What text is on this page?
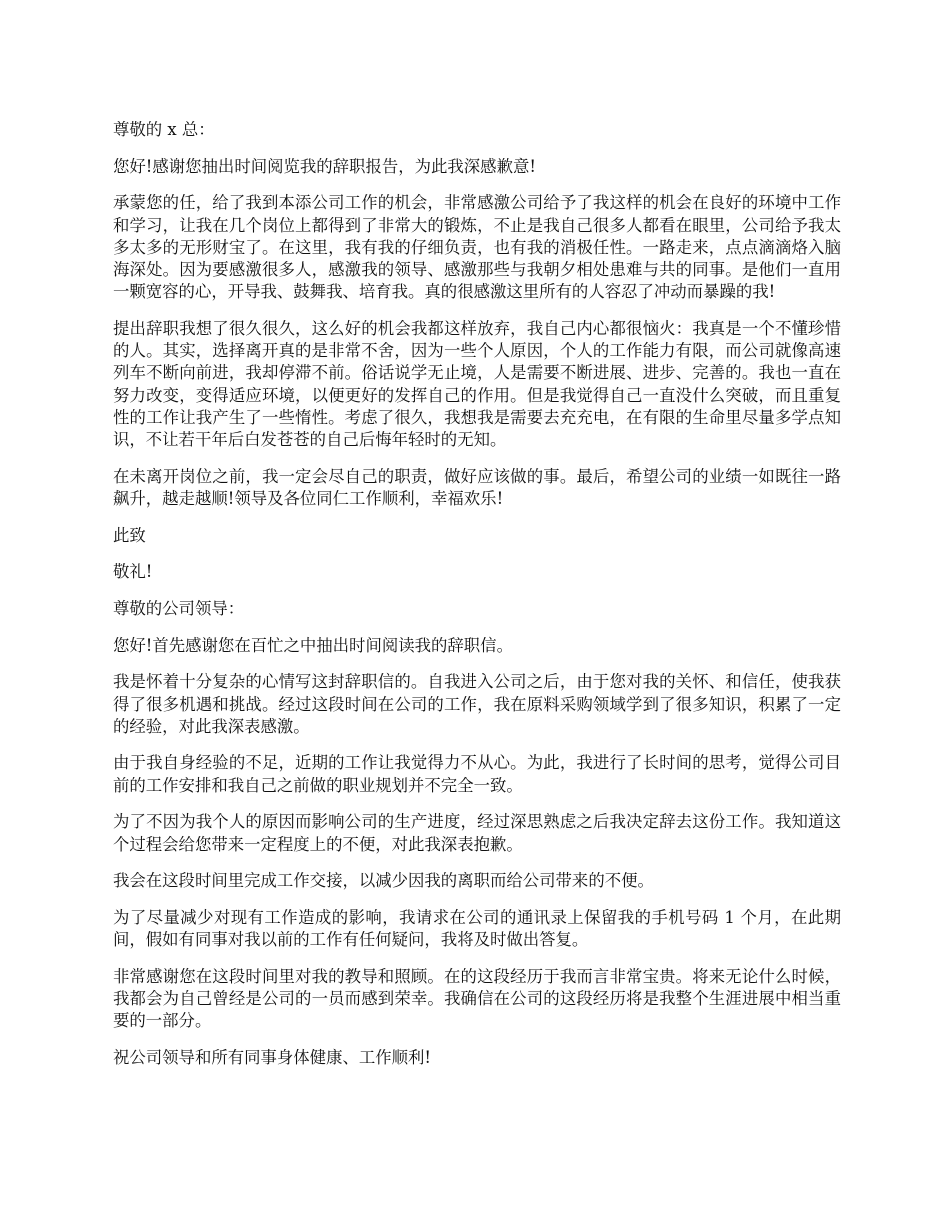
尊敬的 x 总：

您好!感谢您抽出时间阅览我的辞职报告，为此我深感歉意!

承蒙您的任，给了我到本添公司工作的机会，非常感激公司给予了我这样的机会在良好的环境中工作和学习，让我在几个岗位上都得到了非常大的锻炼，不止是我自己很多人都看在眼里，公司给予我太多太多的无形财宝了。在这里，我有我的仔细负责，也有我的消极任性。一路走来，点点滴滴烙入脑海深处。因为要感激很多人，感激我的领导、感激那些与我朝夕相处患难与共的同事。是他们一直用一颗宽容的心，开导我、鼓舞我、培育我。真的很感激这里所有的人容忍了冲动而暴躁的我!

提出辞职我想了很久很久，这么好的机会我都这样放弃，我自己内心都很恼火：我真是一个不懂珍惜的人。其实，选择离开真的是非常不舍，因为一些个人原因，个人的工作能力有限，而公司就像高速列车不断向前进，我却停滞不前。俗话说学无止境，人是需要不断进展、进步、完善的。我也一直在努力改变，变得适应环境，以便更好的发挥自己的作用。但是我觉得自己一直没什么突破，而且重复性的工作让我产生了一些惰性。考虑了很久，我想我是需要去充充电，在有限的生命里尽量多学点知识，不让若干年后白发苍苍的自己后悔年轻时的无知。

在未离开岗位之前，我一定会尽自己的职责，做好应该做的事。最后，希望公司的业绩一如既往一路飙升，越走越顺!领导及各位同仁工作顺利，幸福欢乐!

此致

敬礼!

尊敬的公司领导：

您好!首先感谢您在百忙之中抽出时间阅读我的辞职信。

我是怀着十分复杂的心情写这封辞职信的。自我进入公司之后，由于您对我的关怀、和信任，使我获得了很多机遇和挑战。经过这段时间在公司的工作，我在原料采购领域学到了很多知识，积累了一定的经验，对此我深表感激。

由于我自身经验的不足，近期的工作让我觉得力不从心。为此，我进行了长时间的思考，觉得公司目前的工作安排和我自己之前做的职业规划并不完全一致。

为了不因为我个人的原因而影响公司的生产进度，经过深思熟虑之后我决定辞去这份工作。我知道这个过程会给您带来一定程度上的不便，对此我深表抱歉。

我会在这段时间里完成工作交接，以减少因我的离职而给公司带来的不便。

为了尽量减少对现有工作造成的影响，我请求在公司的通讯录上保留我的手机号码 1 个月，在此期间，假如有同事对我以前的工作有任何疑问，我将及时做出答复。

非常感谢您在这段时间里对我的教导和照顾。在的这段经历于我而言非常宝贵。将来无论什么时候，我都会为自己曾经是公司的一员而感到荣幸。我确信在公司的这段经历将是我整个生涯进展中相当重要的一部分。

祝公司领导和所有同事身体健康、工作顺利!
